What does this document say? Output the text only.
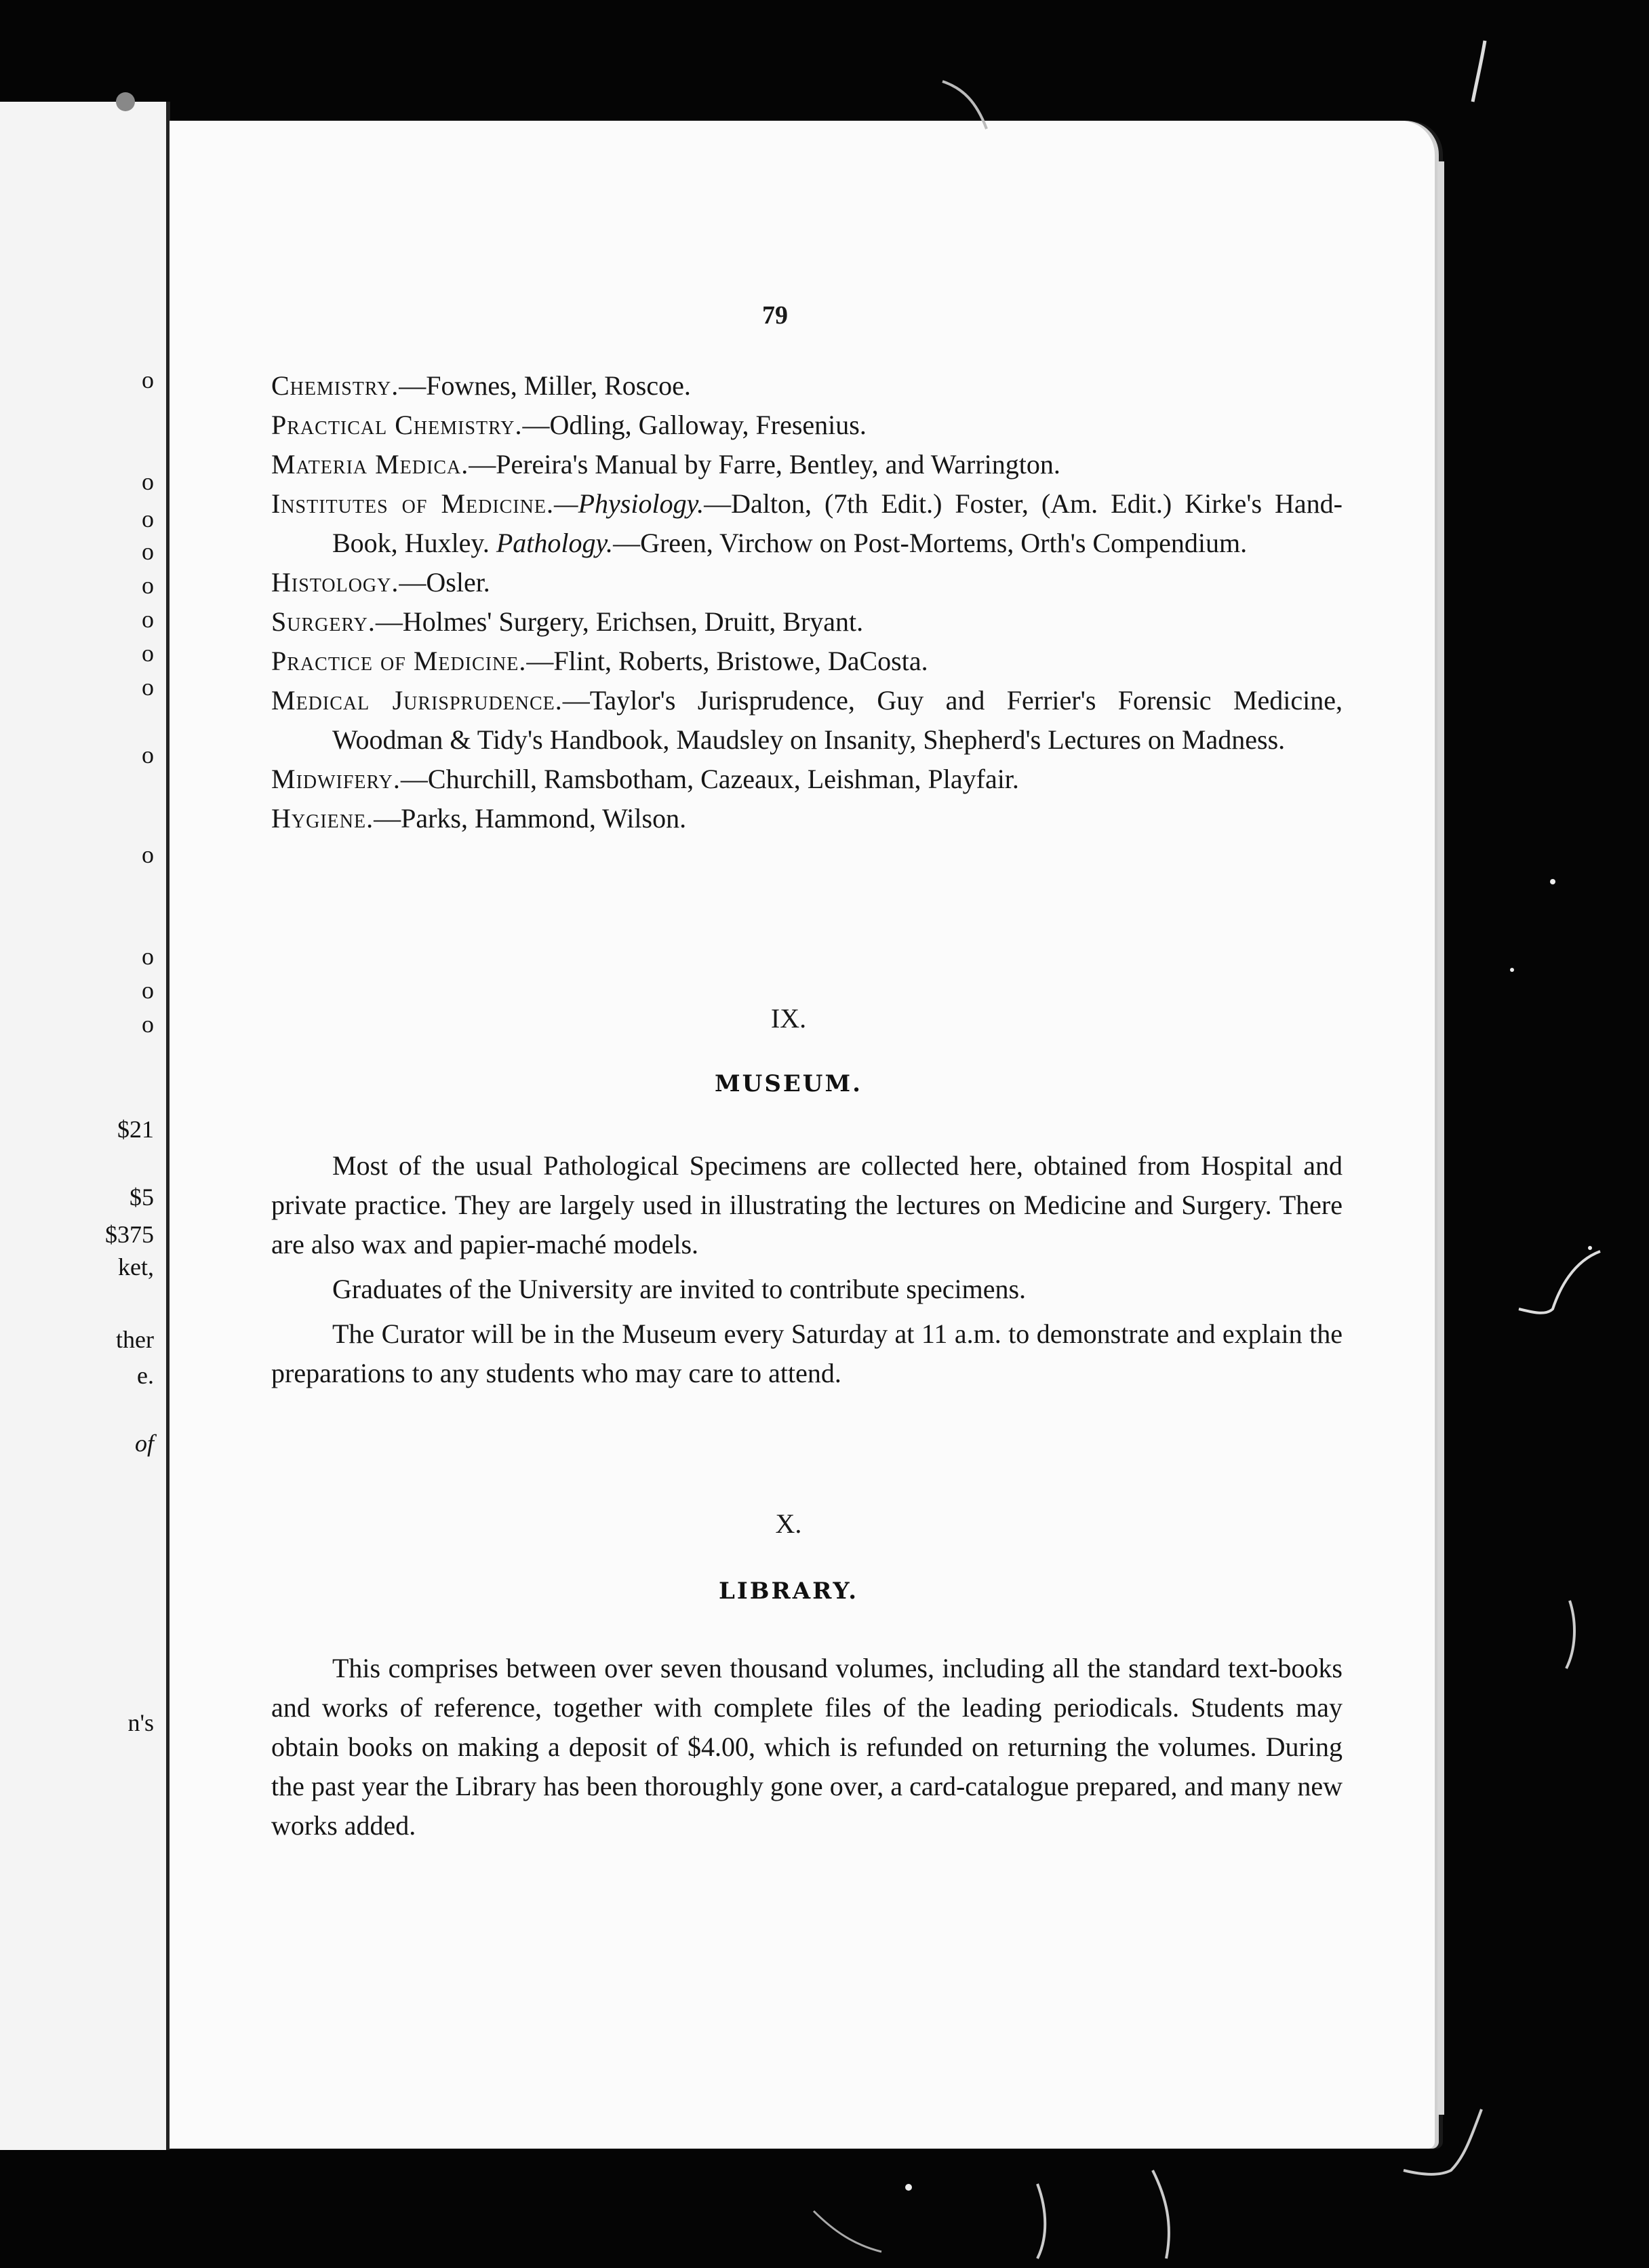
o
o
o
o
o
o
o
o
o
o
o
o
o
$21
$5
$375
ket,
ther
e.
of
n's
79

Chemistry.—Fownes, Miller, Roscoe.

Practical Chemistry.—Odling, Galloway, Fresenius.

Materia Medica.—Pereira's Manual by Farre, Bentley, and Warrington.

Institutes of Medicine.—Physiology.—Dalton, (7th Edit.) Foster, (Am. Edit.) Kirke's Hand-Book, Huxley. Pathology.—Green, Virchow on Post-Mortems, Orth's Compendium.

Histology.—Osler.

Surgery.—Holmes' Surgery, Erichsen, Druitt, Bryant.

Practice of Medicine.—Flint, Roberts, Bristowe, DaCosta.

Medical Jurisprudence.—Taylor's Jurisprudence, Guy and Ferrier's Forensic Medicine, Woodman & Tidy's Handbook, Maudsley on Insanity, Shepherd's Lectures on Madness.

Midwifery.—Churchill, Ramsbotham, Cazeaux, Leishman, Playfair.

Hygiene.—Parks, Hammond, Wilson.

IX.
MUSEUM.

Most of the usual Pathological Specimens are collected here, obtained from Hospital and private practice. They are largely used in illustrating the lectures on Medicine and Surgery. There are also wax and papier-maché models.

Graduates of the University are invited to contribute specimens.

The Curator will be in the Museum every Saturday at 11 a.m. to demonstrate and explain the preparations to any students who may care to attend.

X.
LIBRARY.

This comprises between over seven thousand volumes, including all the standard text-books and works of reference, together with complete files of the leading periodicals. Students may obtain books on making a deposit of $4.00, which is refunded on returning the volumes. During the past year the Library has been thoroughly gone over, a card-catalogue prepared, and many new works added.
